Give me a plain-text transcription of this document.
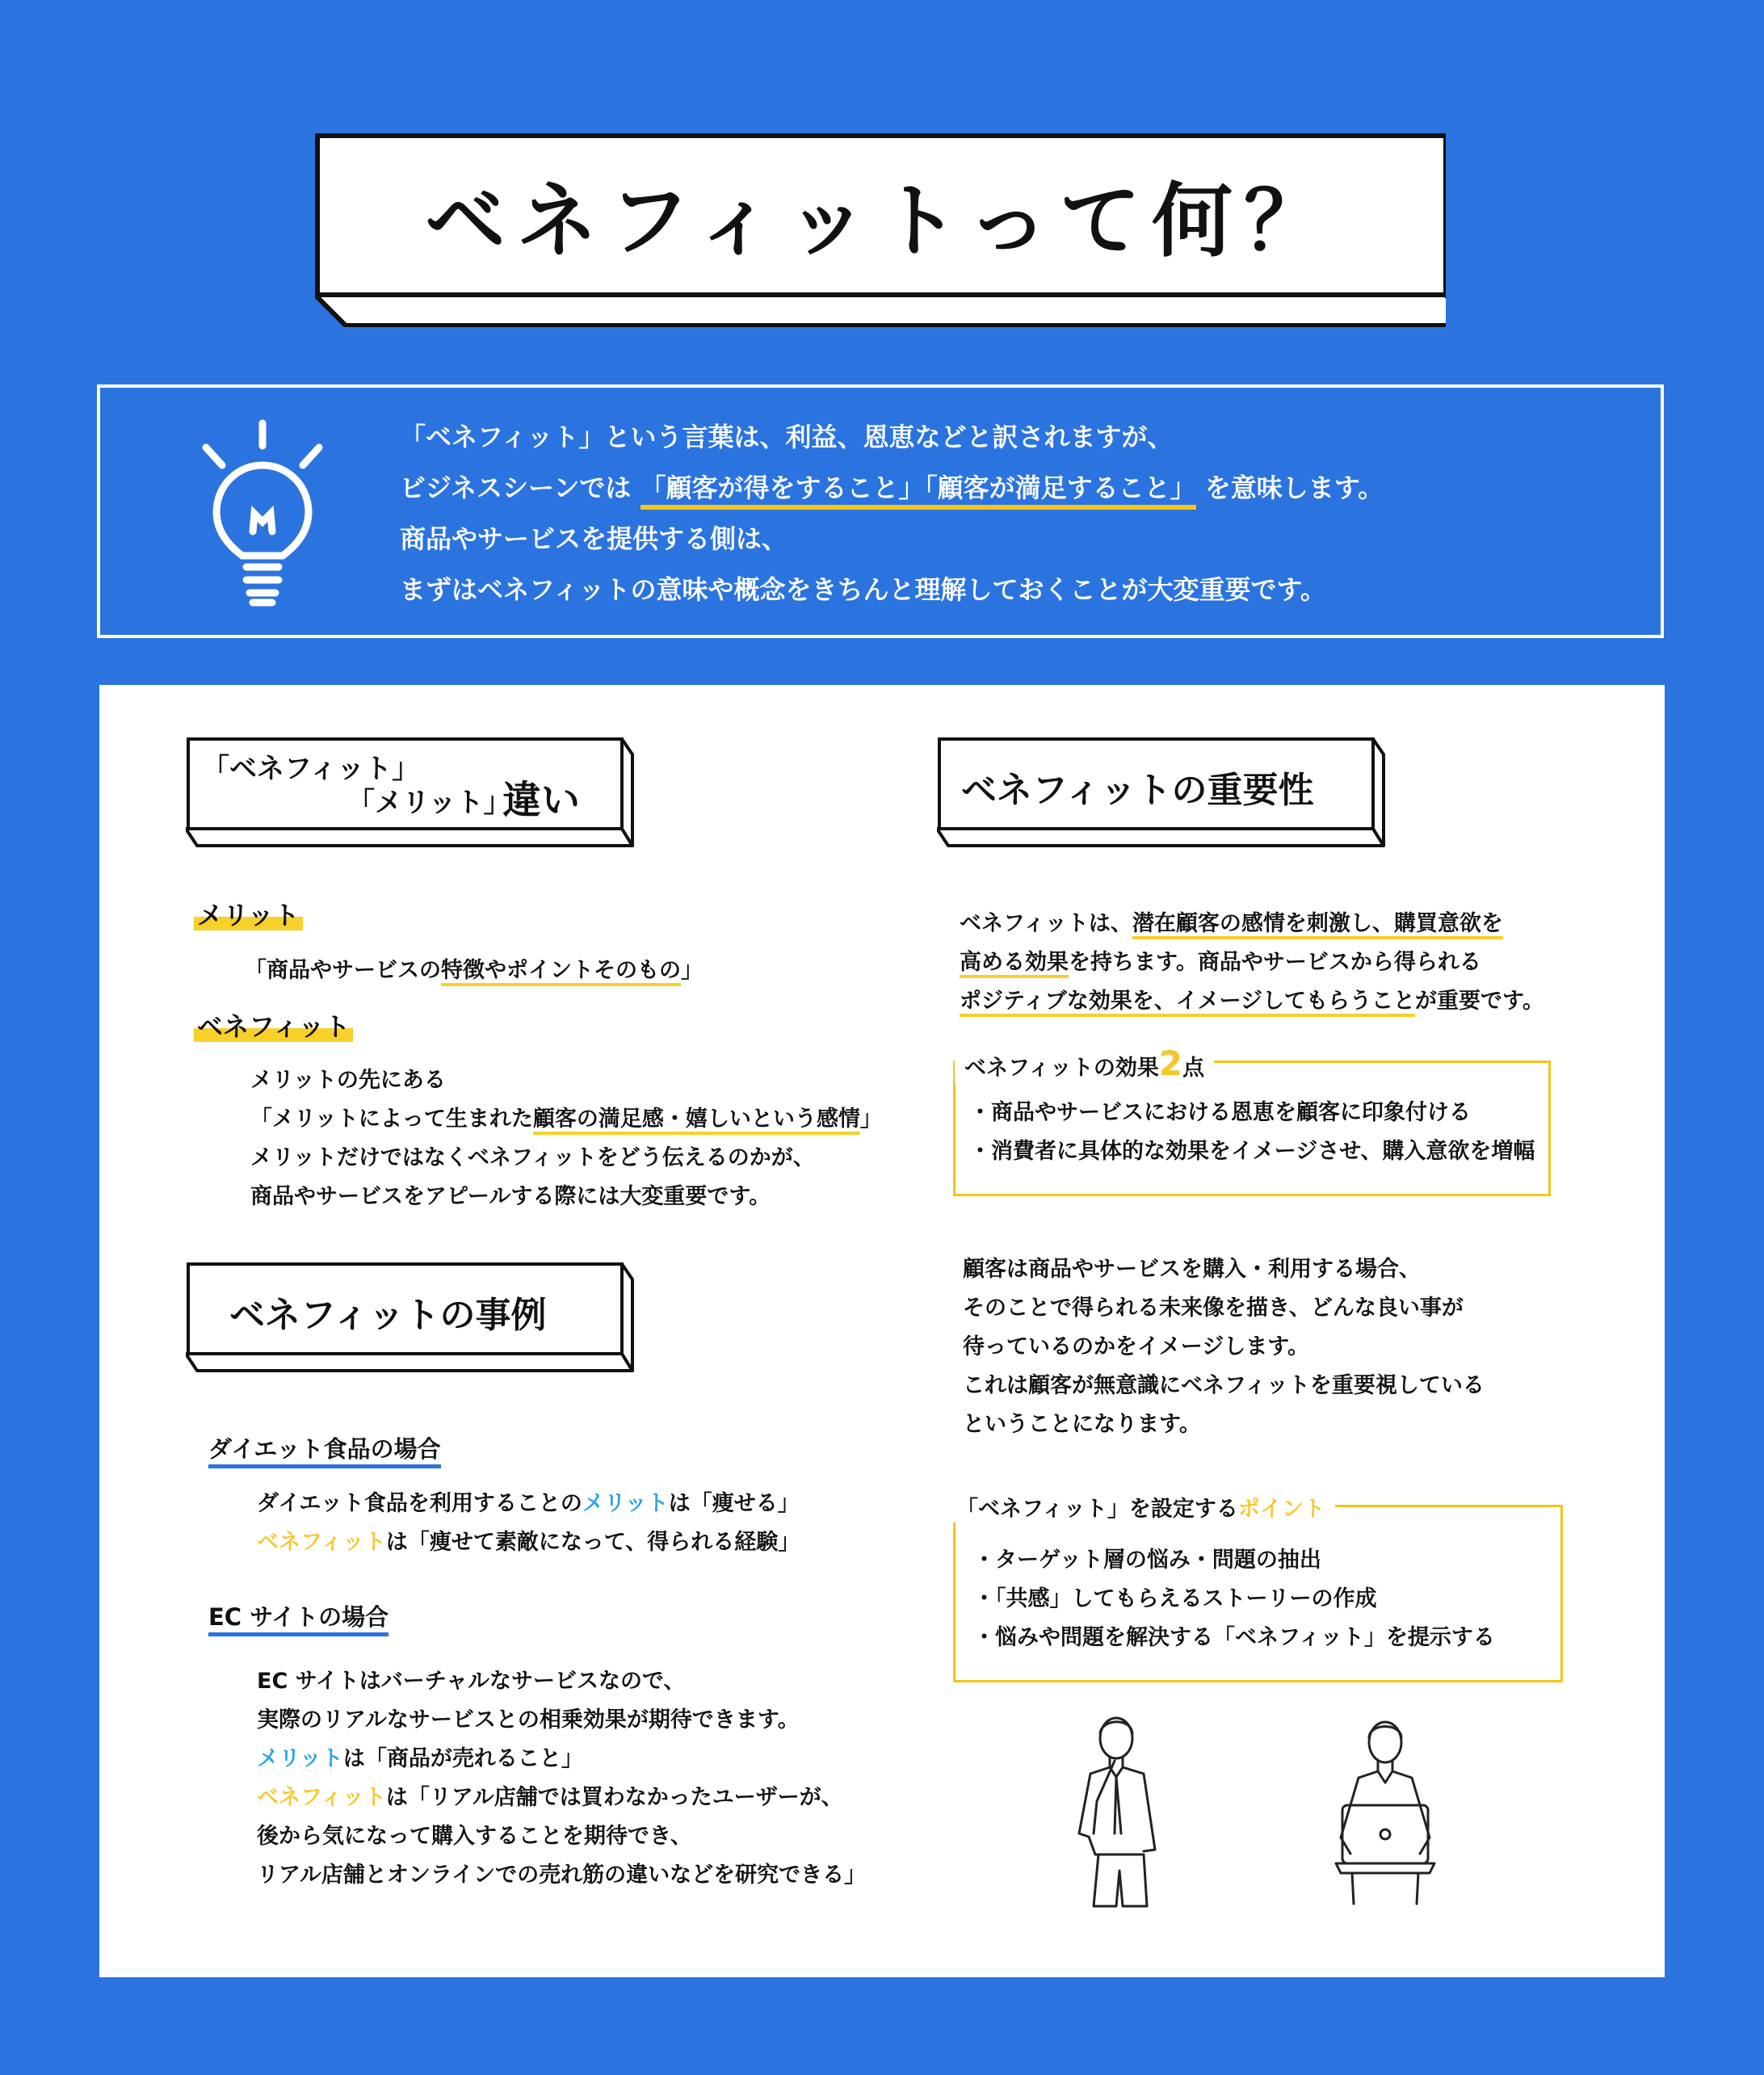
ベネフィットって何？
「ベネフィット」という言葉は、利益、恩恵などと訳されますが、
ビジネスシーンでは 「顧客が得をすること」「顧客が満足すること」 を意味します。
商品やサービスを提供する側は、
まずはベネフィットの意味や概念をきちんと理解しておくことが大変重要です。
「ベネフィット」
「メリット」
違い
メリット
「商品やサービスの特徴やポイントそのもの」
ベネフィット
メリットの先にある
「メリットによって生まれた顧客の満足感・嬉しいという感情」
メリットだけではなくベネフィットをどう伝えるのかが、
商品やサービスをアピールする際には大変重要です。
ベネフィットの事例
ダイエット食品の場合
ダイエット食品を利用することのメリットは「痩せる」
ベネフィットは「痩せて素敵になって、得られる経験」
EC サイトの場合
EC サイトはバーチャルなサービスなので、
実際のリアルなサービスとの相乗効果が期待できます。
メリットは「商品が売れること」
ベネフィットは「リアル店舗では買わなかったユーザーが、
後から気になって購入することを期待でき、
リアル店舗とオンラインでの売れ筋の違いなどを研究できる」
ベネフィットの重要性
ベネフィットは、潜在顧客の感情を刺激し、購買意欲を
高める効果を持ちます。商品やサービスから得られる
ポジティブな効果を、イメージしてもらうことが重要です。
ベネフィットの効果2点
・商品やサービスにおける恩恵を顧客に印象付ける
・消費者に具体的な効果をイメージさせ、購入意欲を増幅
顧客は商品やサービスを購入・利用する場合、
そのことで得られる未来像を描き、どんな良い事が
待っているのかをイメージします。
これは顧客が無意識にベネフィットを重要視している
ということになります。
「ベネフィット」を設定するポイント
・ターゲット層の悩み・問題の抽出
・「共感」してもらえるストーリーの作成
・悩みや問題を解決する「ベネフィット」を提示する
